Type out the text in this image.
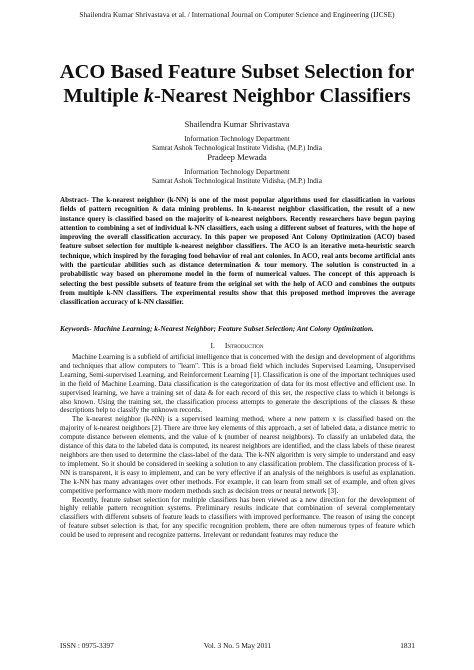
Shailendra Kumar Shrivastava et al. / International Journal on Computer Science and Engineering (IJCSE)
ACO Based Feature Subset Selection for
Multiple k-Nearest Neighbor Classifiers
Shailendra Kumar Shrivastava
Information Technology Department
Samrat Ashok Technological Institute Vidisha, (M.P.) India
Pradeep Mewada
Information Technology Department
Samrat Ashok Technological Institute Vidisha, (M.P.) India
Abstract- The k-nearest neighbor (k-NN) is one of the most popular algorithms used for classification in various fields of pattern recognition & data mining problems. In k-nearest neighbor classification, the result of a new instance query is classified based on the majority of k-nearest neighbors. Recently researchers have begun paying attention to combining a set of individual k-NN classifiers, each using a different subset of features, with the hope of improving the overall classification accuracy. In this paper we proposed Ant Colony Optimization (ACO) based feature subset selection for multiple k-nearest neighbor classifiers. The ACO is an iterative meta-heuristic search technique, which inspired by the foraging food behavior of real ant colonies. In ACO, real ants become artificial ants with the particular abilities such as distance determination & tour memory. The solution is constructed in a probabilistic way based on pheromone model in the form of numerical values. The concept of this approach is selecting the best possible subsets of feature from the original set with the help of ACO and combines the outputs from multiple k-NN classifiers. The experimental results show that this proposed method improves the average classification accuracy of k-NN classifier.
Keywords- Machine Learning; k-Nearest Neighbor; Feature Subset Selection; Ant Colony Optimization.
I. Introduction

Machine Learning is a subfield of artificial intelligence that is concerned with the design and development of algorithms and techniques that allow computers to "learn". This is a broad field which includes Supervised Learning, Unsupervised Learning, Semi-supervised Learning, and Reinforcement Learning [1]. Classification is one of the important techniques used in the field of Machine Learning. Data classification is the categorization of data for its most effective and efficient use. In supervised learning, we have a training set of data & for each record of this set, the respective class to which it belongs is also known. Using the training set, the classification process attempts to generate the descriptions of the classes & these descriptions help to classify the unknown records.

The k-nearest neighbor (k-NN) is a supervised learning method, where a new pattern x is classified based on the majority of k-nearest neighbors [2]. There are three key elements of this approach, a set of labeled data, a distance metric to compute distance between elements, and the value of k (number of nearest neighbors). To classify an unlabeled data, the distance of this data to the labeled data is computed, its nearest neighbors are identified, and the class labels of these nearest neighbors are then used to determine the class-label of the data. The k-NN algorithm is very simple to understand and easy to implement. So it should be considered in seeking a solution to any classification problem. The classification process of k-NN is transparent, it is easy to implement, and can be very effective if an analysis of the neighbors is useful as explanation. The k-NN has many advantages over other methods. For example, it can learn from small set of example, and often gives competitive performance with more modern methods such as decision trees or neural network [3].

Recently, feature subset selection for multiple classifiers has been viewed as a new direction for the development of highly reliable pattern recognition systems. Preliminary results indicate that combination of several complementary classifiers with different subsets of feature leads to classifiers with improved performance. The reason of using the concept of feature subset selection is that, for any specific recognition problem, there are often numerous types of feature which could be used to represent and recognize patterns. Irrelevant or redundant features may reduce the

ISSN : 0975-3397	Vol. 3 No. 5 May 2011	1831
